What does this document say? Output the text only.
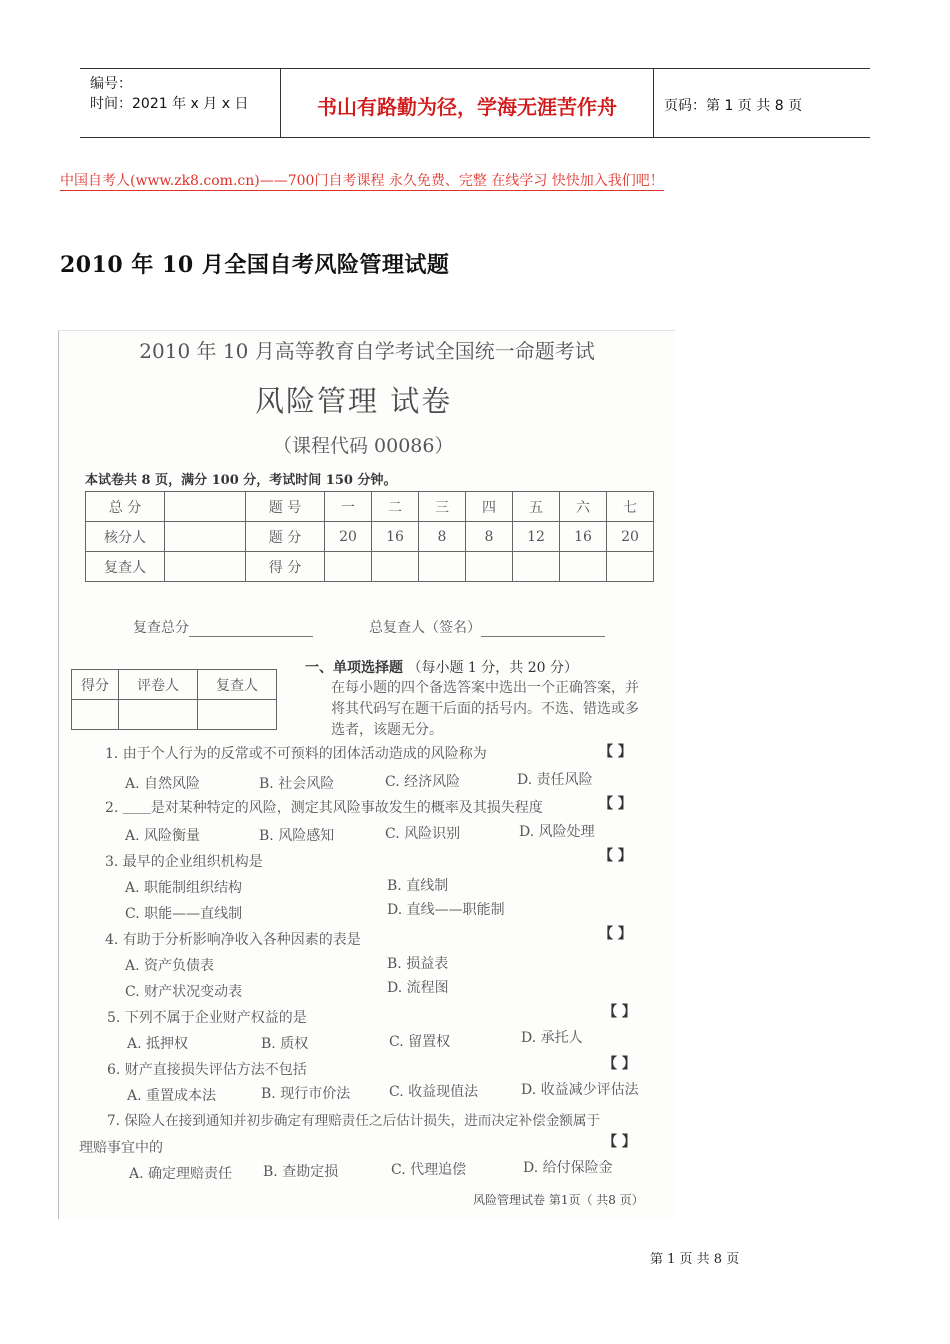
编号：
时间：2021 年 x 月 x 日	书山有路勤为径，学海无涯苦作舟	页码：第 1 页 共 8 页
中国自考人(www.zk8.com.cn)——700门自考课程 永久免费、完整 在线学习 快快加入我们吧！
2010 年 10 月全国自考风险管理试题
2010 年 10 月高等教育自学考试全国统一命题考试
风险管理 试卷
（课程代码 00086）
本试卷共 8 页，满分 100 分，考试时间 150 分钟。
总 分		题 号	一	二	三	四	五	六	七
核分人		题 分	20	16	8	8	12	16	20
复查人		得 分							
复查总分	总复查人（签名）
得分	评卷人	复查人

一、单项选择题 （每小题 1 分，共 20 分）
在每小题的四个备选答案中选出一个正确答案，并
将其代码写在题干后面的括号内。不选、错选或多
选者，该题无分。
1. 由于个人行为的反常或不可预料的团体活动造成的风险称为	【 】
A. 自然风险	B. 社会风险	C. 经济风险	D. 责任风险
2. ＿＿是对某种特定的风险，测定其风险事故发生的概率及其损失程度	【 】
A. 风险衡量	B. 风险感知	C. 风险识别	D. 风险处理
3. 最早的企业组织机构是	【 】
A. 职能制组织结构	B. 直线制
C. 职能——直线制	D. 直线——职能制
4. 有助于分析影响净收入各种因素的表是	【 】
A. 资产负债表	B. 损益表
C. 财产状况变动表	D. 流程图
5. 下列不属于企业财产权益的是	【 】
A. 抵押权	B. 质权	C. 留置权	D. 承托人
6. 财产直接损失评估方法不包括	【 】
A. 重置成本法	B. 现行市价法	C. 收益现值法	D. 收益减少评估法
7. 保险人在接到通知并初步确定有理赔责任之后估计损失，进而决定补偿金额属于
理赔事宜中的	【 】
A. 确定理赔责任 B. 查勘定损	C. 代理追偿	D. 给付保险金
风险管理试卷 第1页（ 共8 页）
第 1 页 共 8 页
